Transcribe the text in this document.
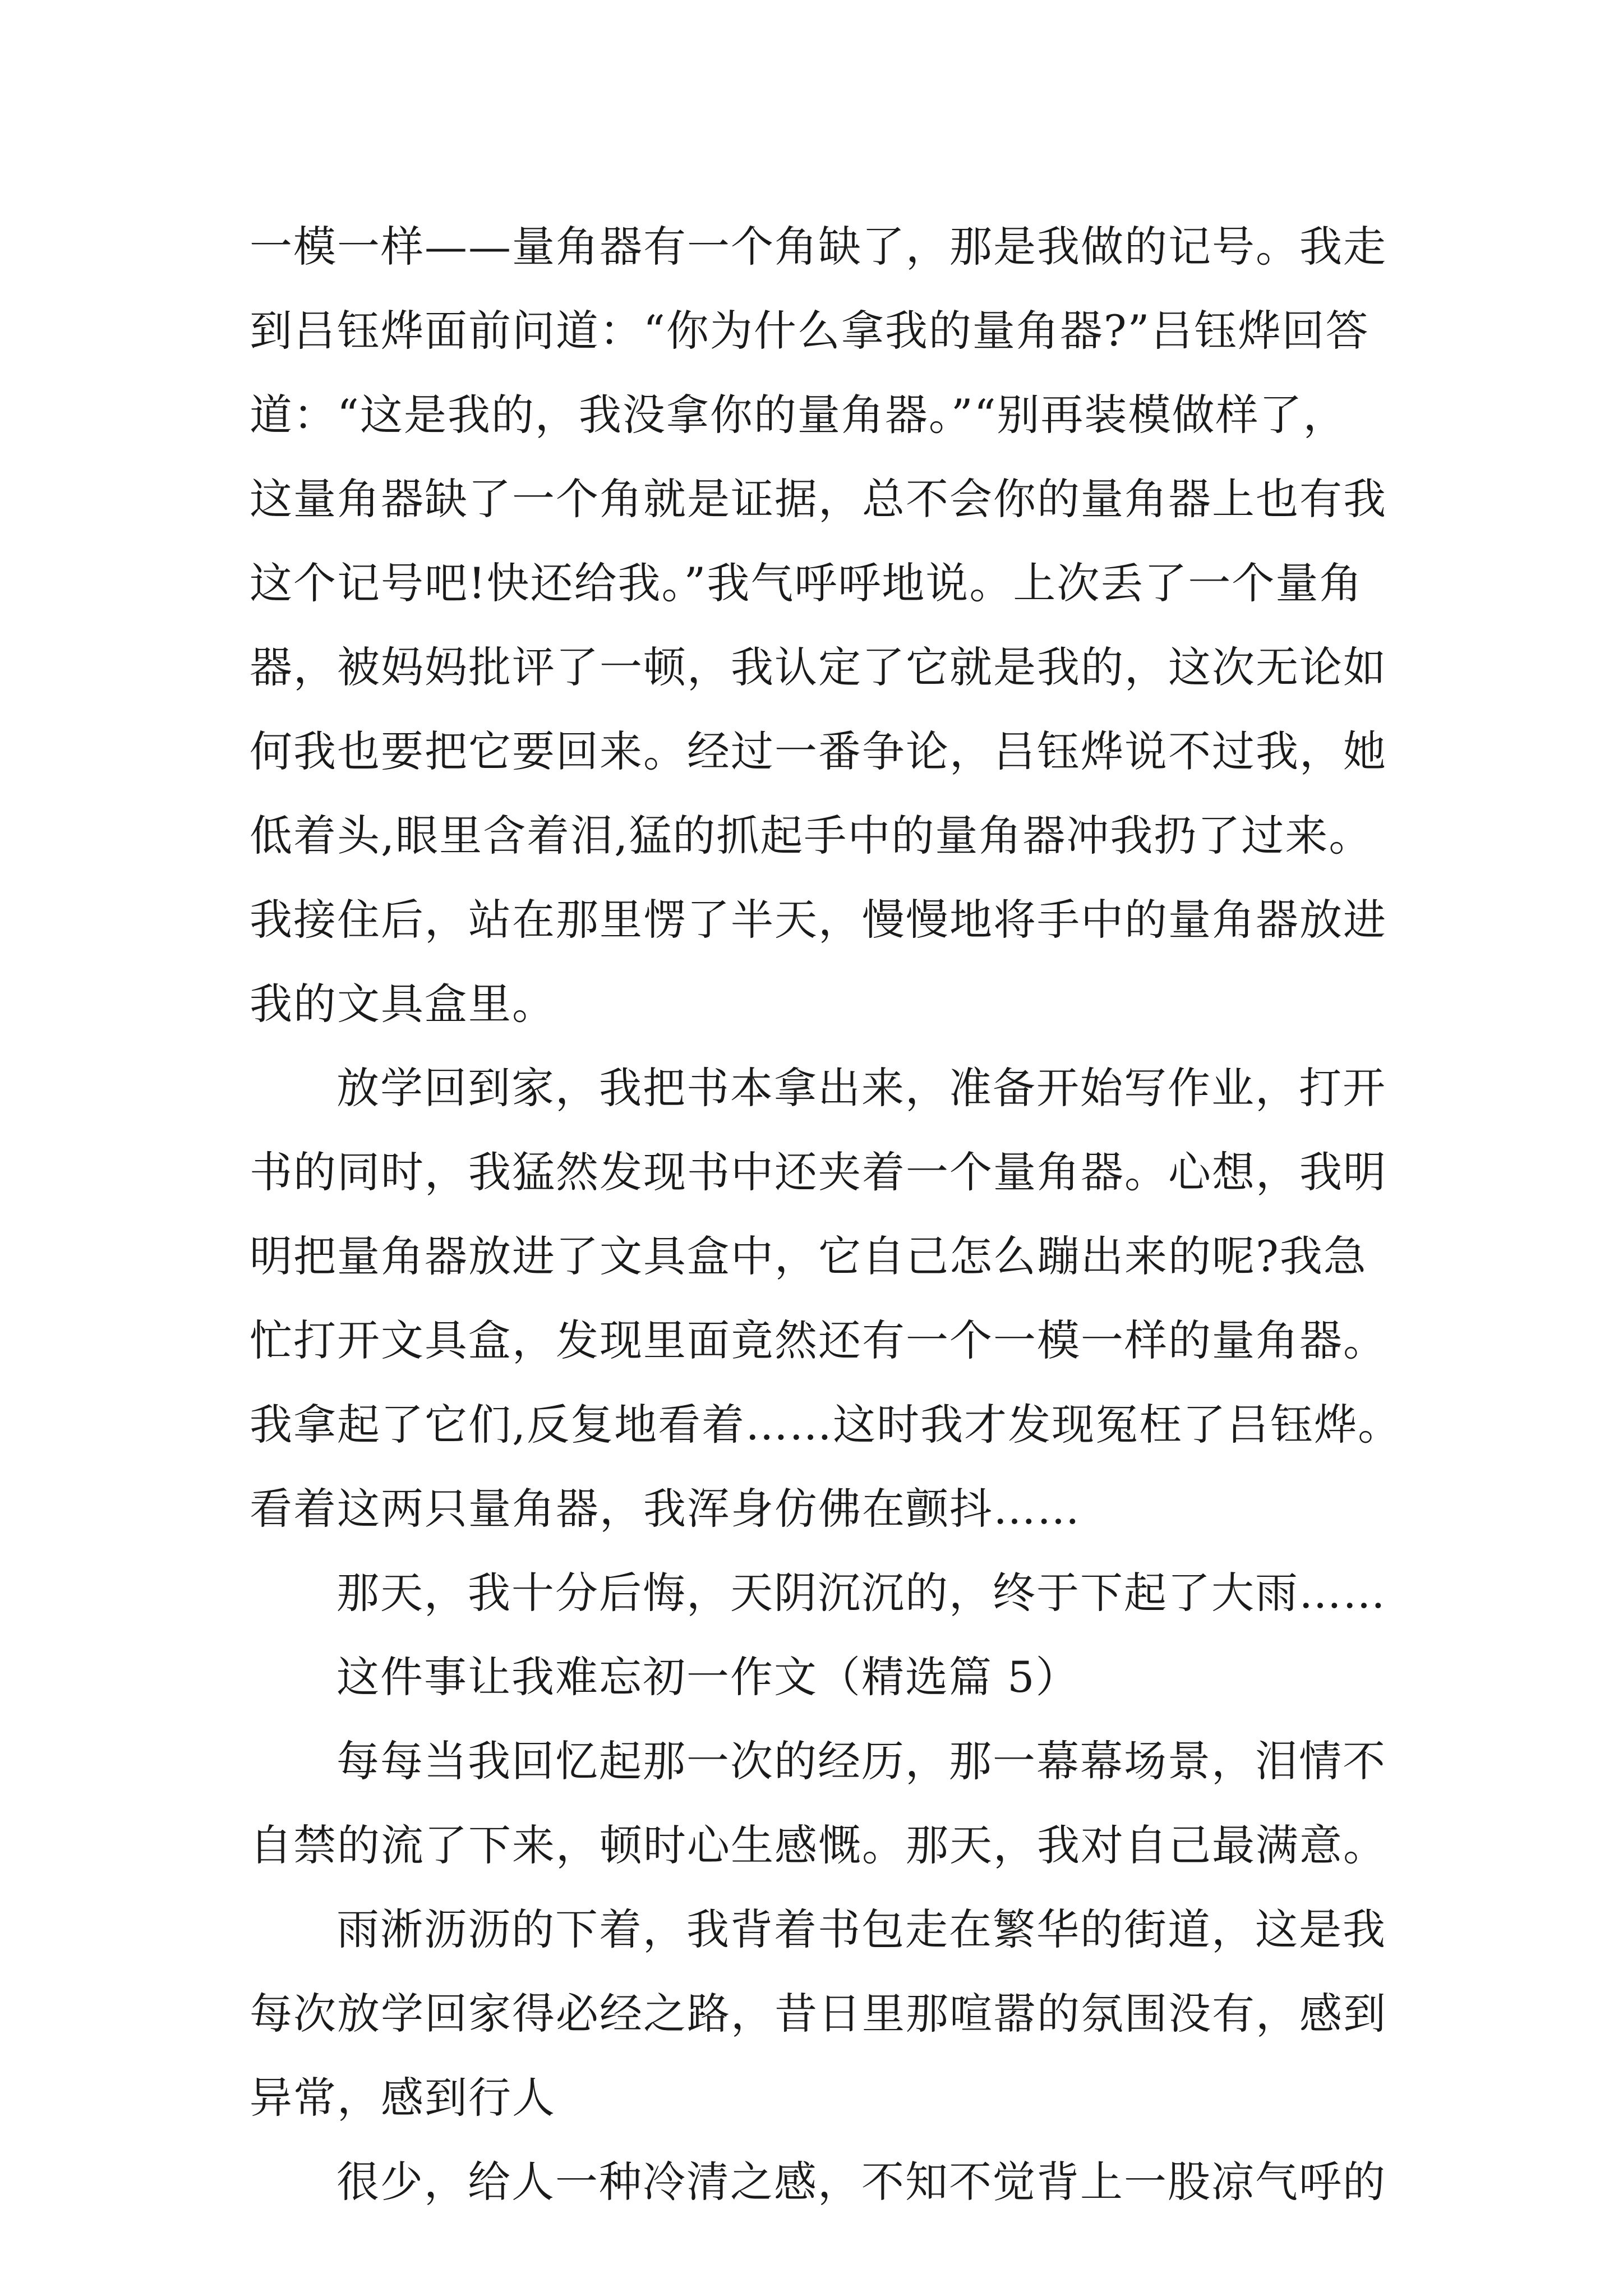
一模一样——量角器有一个角缺了，那是我做的记号。我走
到吕钰烨面前问道：“你为什么拿我的量角器?”吕钰烨回答
道：“这是我的，我没拿你的量角器。”“别再装模做样了，
这量角器缺了一个角就是证据，总不会你的量角器上也有我
这个记号吧!快还给我。”我气呼呼地说。上次丢了一个量角
器，被妈妈批评了一顿，我认定了它就是我的，这次无论如
何我也要把它要回来。经过一番争论，吕钰烨说不过我，她
低着头,眼里含着泪,猛的抓起手中的量角器冲我扔了过来。
我接住后，站在那里愣了半天，慢慢地将手中的量角器放进
我的文具盒里。
放学回到家，我把书本拿出来，准备开始写作业，打开
书的同时，我猛然发现书中还夹着一个量角器。心想，我明
明把量角器放进了文具盒中，它自己怎么蹦出来的呢?我急
忙打开文具盒，发现里面竟然还有一个一模一样的量角器。
我拿起了它们,反复地看着……这时我才发现冤枉了吕钰烨。
看着这两只量角器，我浑身仿佛在颤抖……
那天，我十分后悔，天阴沉沉的，终于下起了大雨……
这件事让我难忘初一作文（精选篇 5）
每每当我回忆起那一次的经历，那一幕幕场景，泪情不
自禁的流了下来，顿时心生感慨。那天，我对自己最满意。
雨淅沥沥的下着，我背着书包走在繁华的街道，这是我
每次放学回家得必经之路，昔日里那喧嚣的氛围没有，感到
异常，感到行人
很少，给人一种冷清之感，不知不觉背上一股凉气呼的
